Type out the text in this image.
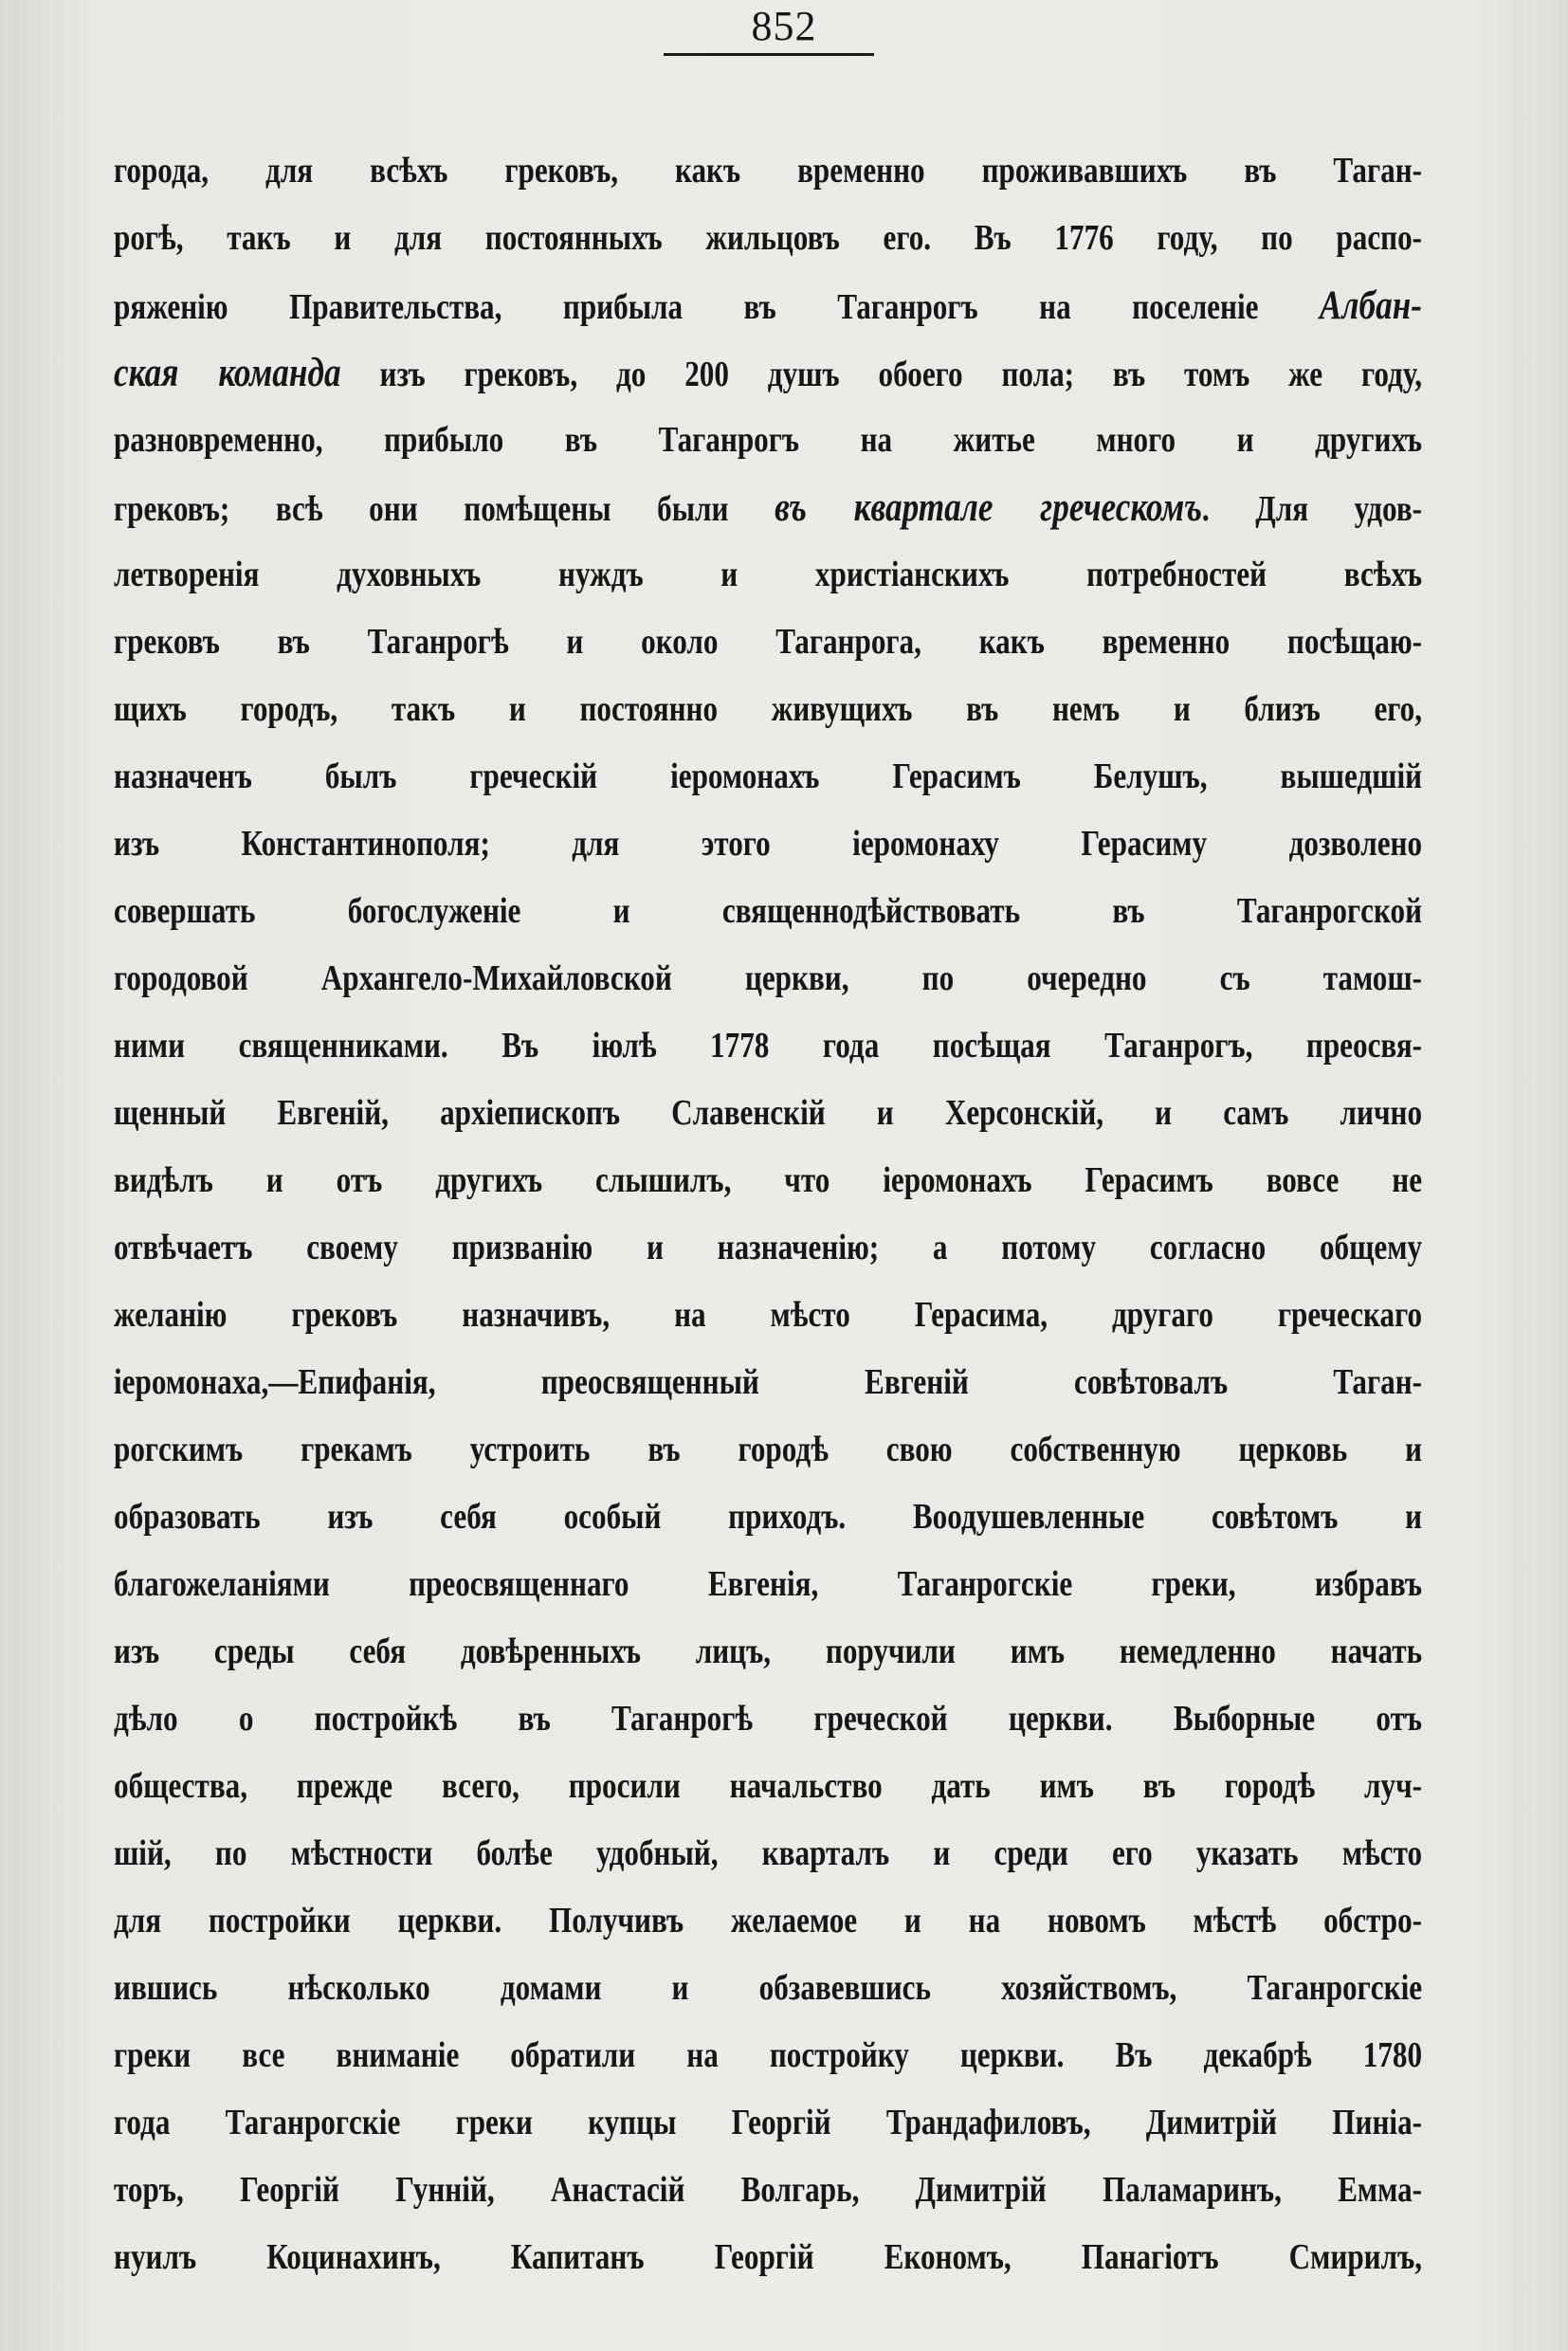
852
города, для всѣхъ грековъ, какъ временно проживавшихъ въ Таган-
рогѣ, такъ и для постоянныхъ жильцовъ его. Въ 1776 году, по распо-
ряженію Правительства, прибыла въ Таганрогъ на поселеніе Албан-
ская команда изъ грековъ, до 200 душъ обоего пола; въ томъ же году,
разновременно, прибыло въ Таганрогъ на житье много и другихъ
грековъ; всѣ они помѣщены были въ квартале греческомъ. Для удов-
летворенія духовныхъ нуждъ и христіанскихъ потребностей всѣхъ
грековъ въ Таганрогѣ и около Таганрога, какъ временно посѣщаю-
щихъ городъ, такъ и постоянно живущихъ въ немъ и близъ его,
назначенъ былъ греческій іеромонахъ Герасимъ Белушъ, вышедшій
изъ Константинополя; для этого іеромонаху Герасиму дозволено
совершать богослуженіе и священнодѣйствовать въ Таганрогской
городовой Архангело-Михайловской церкви, по очередно съ тамош-
ними священниками. Въ іюлѣ 1778 года посѣщая Таганрогъ, преосвя-
щенный Евгеній, архіепископъ Славенскій и Херсонскій, и самъ лично
видѣлъ и отъ другихъ слышилъ, что іеромонахъ Герасимъ вовсе не
отвѣчаетъ своему призванію и назначенію; а потому согласно общему
желанію грековъ назначивъ, на мѣсто Герасима, другаго греческаго
іеромонаха,—Епифанія, преосвященный Евгеній совѣтовалъ Таган-
рогскимъ грекамъ устроить въ городѣ свою собственную церковь и
образовать изъ себя особый приходъ. Воодушевленные совѣтомъ и
благожеланіями преосвященнаго Евгенія, Таганрогскіе греки, избравъ
изъ среды себя довѣренныхъ лицъ, поручили имъ немедленно начать
дѣло о постройкѣ въ Таганрогѣ греческой церкви. Выборные отъ
общества, прежде всего, просили начальство дать имъ въ городѣ луч-
шій, по мѣстности болѣе удобный, кварталъ и среди его указать мѣсто
для постройки церкви. Получивъ желаемое и на новомъ мѣстѣ обстро-
ившись нѣсколько домами и обзавевшись хозяйствомъ, Таганрогскіе
греки все вниманіе обратили на постройку церкви. Въ декабрѣ 1780
года Таганрогскіе греки купцы Георгій Трандафиловъ, Димитрій Пиніа-
торъ, Георгій Гунній, Анастасій Волгарь, Димитрій Паламаринъ, Емма-
нуилъ Коцинахинъ, Капитанъ Георгій Економъ, Панагіотъ Смирилъ,
